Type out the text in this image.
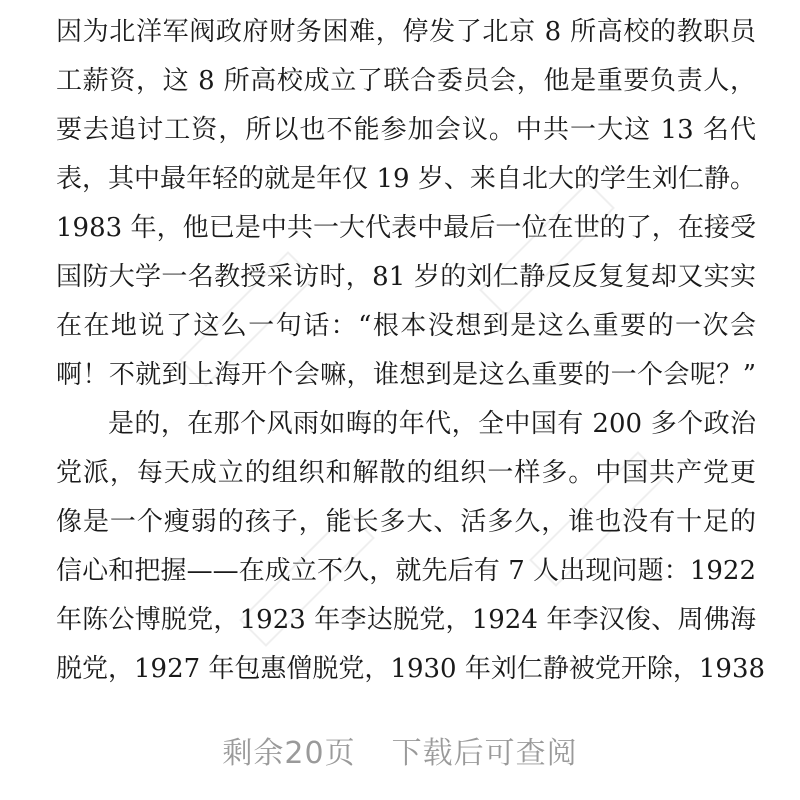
因为北洋军阀政府财务困难，停发了北京 8 所高校的教职员
工薪资，这 8 所高校成立了联合委员会，他是重要负责人，
要去追讨工资，所以也不能参加会议。中共一大这 13 名代
表，其中最年轻的就是年仅 19 岁、来自北大的学生刘仁静。
1983 年，他已是中共一大代表中最后一位在世的了，在接受
国防大学一名教授采访时，81 岁的刘仁静反反复复却又实实
在在地说了这么一句话：“根本没想到是这么重要的一次会
啊！不就到上海开个会嘛，谁想到是这么重要的一个会呢？”
是的，在那个风雨如晦的年代，全中国有 200 多个政治
党派，每天成立的组织和解散的组织一样多。中国共产党更
像是一个瘦弱的孩子，能长多大、活多久，谁也没有十足的
信心和把握——在成立不久，就先后有 7 人出现问题：1922
年陈公博脱党，1923 年李达脱党，1924 年李汉俊、周佛海
脱党，1927 年包惠僧脱党，1930 年刘仁静被党开除，1938
剩余20页 下载后可查阅
